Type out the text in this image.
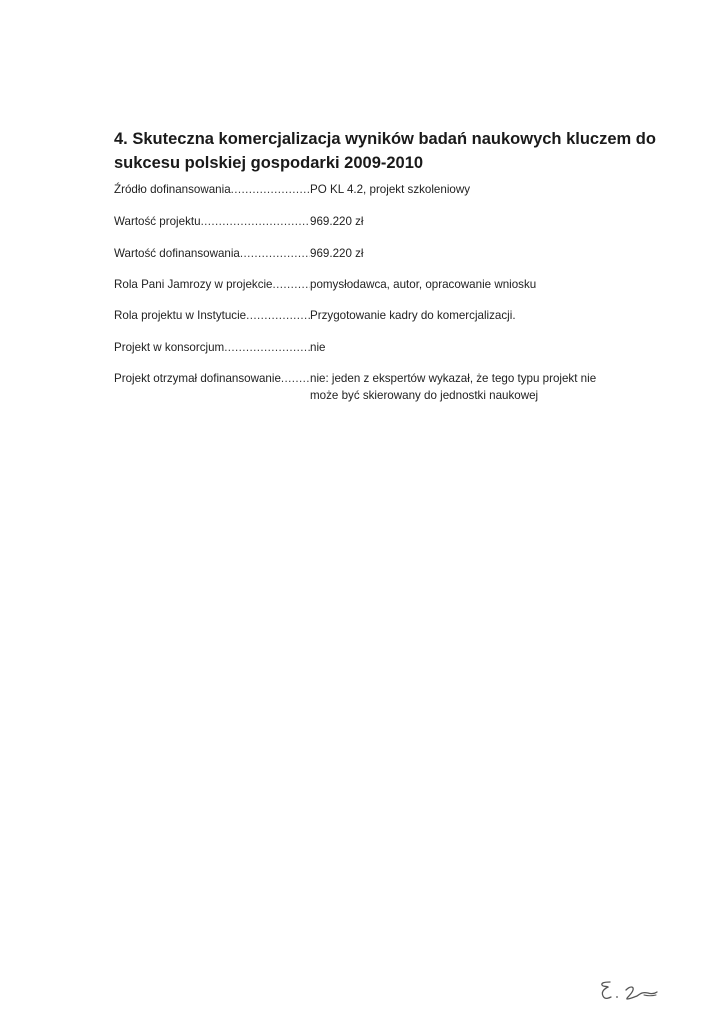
4. Skuteczna komercjalizacja wyników badań naukowych kluczem do
sukcesu polskiej gospodarki 2009-2010
Źródło dofinansowania .....	PO KL 4.2, projekt szkoleniowy
Wartość projektu .....	969.220 zł
Wartość dofinansowania .....	969.220 zł
Rola Pani Jamrozy w projekcie .....	pomysłodawca, autor, opracowanie wniosku
Rola projektu w Instytucie .....	Przygotowanie kadry do komercjalizacji.
Projekt w konsorcjum .....	nie
Projekt otrzymał dofinansowanie .....	nie: jeden z ekspertów wykazał, że tego typu projekt nie może być skierowany do jednostki naukowej
